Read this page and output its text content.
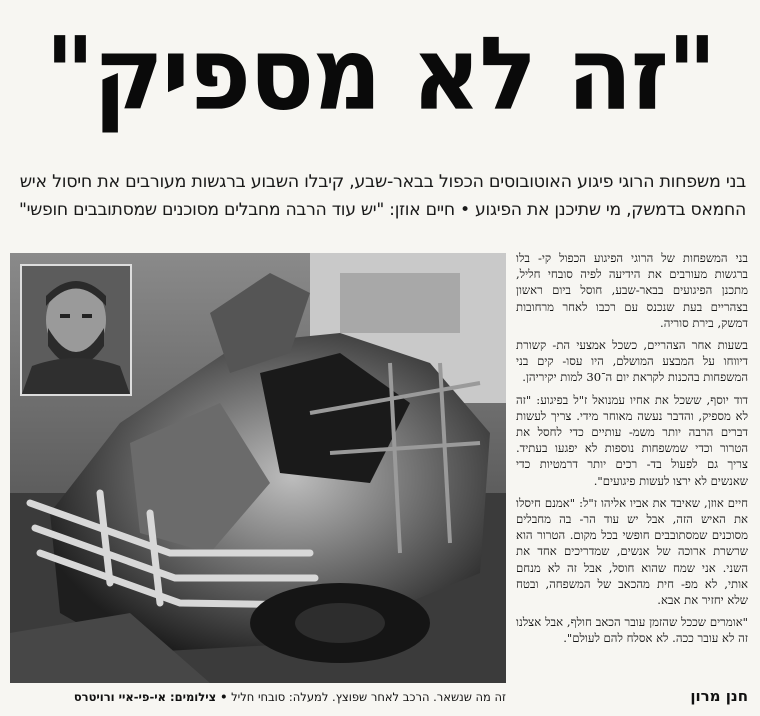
"זה לא מספיק"
בני משפחות הרוגי פיגוע האוטובוסים הכפול בבאר-שבע, קיבלו השבוע ברגשות מעורבים את חיסול איש
החמאס בדמשק, מי שתיכנן את הפיגוע • חיים אוזן: "יש עוד הרבה מחבלים מסוכנים שמסתובבים חופשי"
זה מה שנשאר. הרכב לאחר שפוצץ. למעלה: סובחי חליל • צילומים: אי-פי-איי ורויטרס

בני המשפחות של הרוגי הפיגוע הכפול קי- בלו ברגשות מעורבים את הידיעה לפיה סובחי חליל, מתכנן הפיגועים בבאר-שבע, חוסל ביום ראשון בצהריים בעת שנכנס עם רכבו לאחר מרחובות דמשק, בירת סוריה.

בשעות אחר הצהריים, כשכל אמצעי הת- קשורת דיווחו על המבצע המושלם, היו עסו- קים בני המשפחות בהכנות לקראת יום ה־30 למות יקיריהן.

דוד יוסף, ששכל את אחיו עמנואל ז"ל בפיגוע: "זה לא מספיק, והדבר נעשה מאוחר מידי. צריך לעשות דברים הרבה יותר משמ- עותיים כדי לחסל את הטרור וכדי שמשפחות נוספות לא יפגעו בעתיד. צריך גם לפעול בד- רכים יותר דרמטיות כדי שאנשים לא ירצו לעשות פיגועים".

חיים אוזן, שאיבד את אביו אליהו ז"ל: "אמנם חיסלו את האיש הזה, אבל יש עוד הר- בה מחבלים מסוכנים שמסתובבים חופשי בכל מקום. הטרור הוא שרשרת ארוכה של אנשים, שמדריכים אחד את השני. אני שמח שהוא חוסל, אבל זה לא מנחם אותי, לא מפ- חית מהכאב של המשפחה, ובטח שלא יחזיר את אבא.

"אומרים שככל שהזמן עובר הכאב חולף, אבל אצלנו זה לא עובר ככה. לא אסלח להם לעולם".

חנן מרון
